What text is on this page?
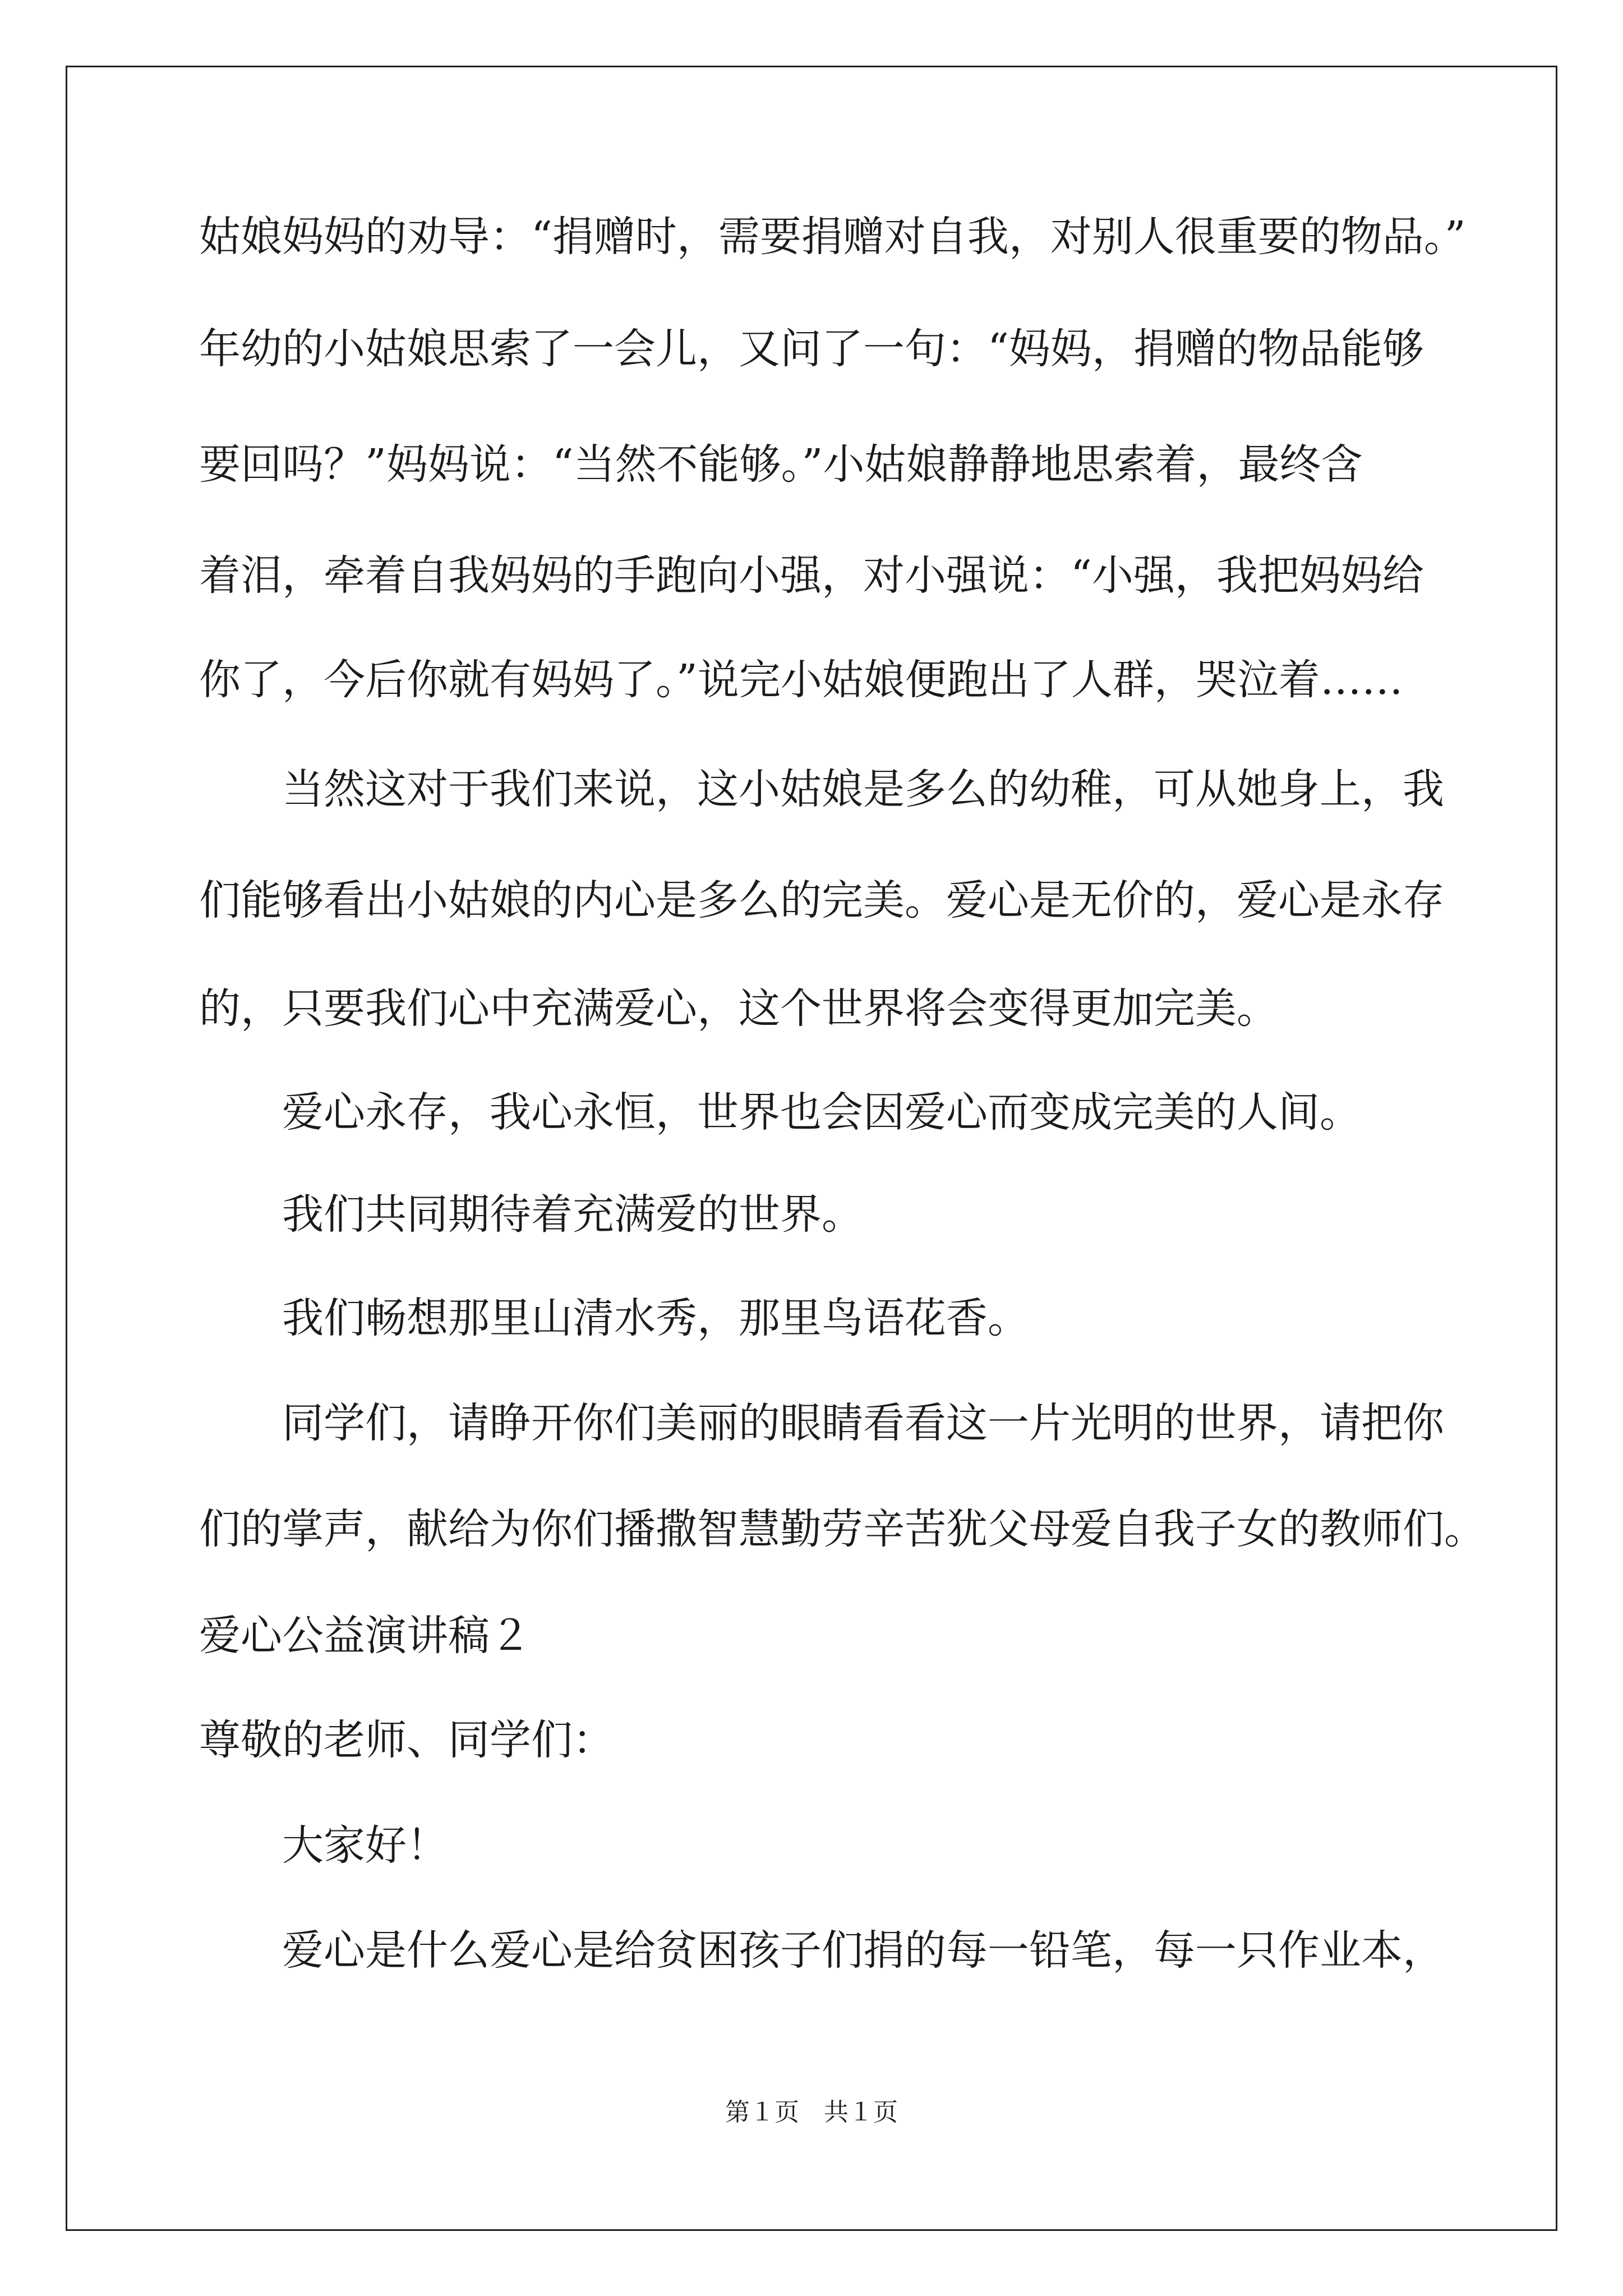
姑娘妈妈的劝导：“捐赠时，需要捐赠对自我，对别人很重要的物品。”
年幼的小姑娘思索了一会儿，又问了一句：“妈妈，捐赠的物品能够
要回吗？”妈妈说：“当然不能够。”小姑娘静静地思索着，最终含
着泪，牵着自我妈妈的手跑向小强，对小强说：“小强，我把妈妈给
你了，今后你就有妈妈了。”说完小姑娘便跑出了人群，哭泣着……
当然这对于我们来说，这小姑娘是多么的幼稚，可从她身上，我
们能够看出小姑娘的内心是多么的完美。爱心是无价的，爱心是永存
的，只要我们心中充满爱心，这个世界将会变得更加完美。
爱心永存，我心永恒，世界也会因爱心而变成完美的人间。
我们共同期待着充满爱的世界。
我们畅想那里山清水秀，那里鸟语花香。
同学们，请睁开你们美丽的眼睛看看这一片光明的世界，请把你
们的掌声，献给为你们播撒智慧勤劳辛苦犹父母爱自我子女的教师们。
爱心公益演讲稿２
尊敬的老师、同学们：
大家好！
爱心是什么爱心是给贫困孩子们捐的每一铅笔，每一只作业本，
第１页　共１页
